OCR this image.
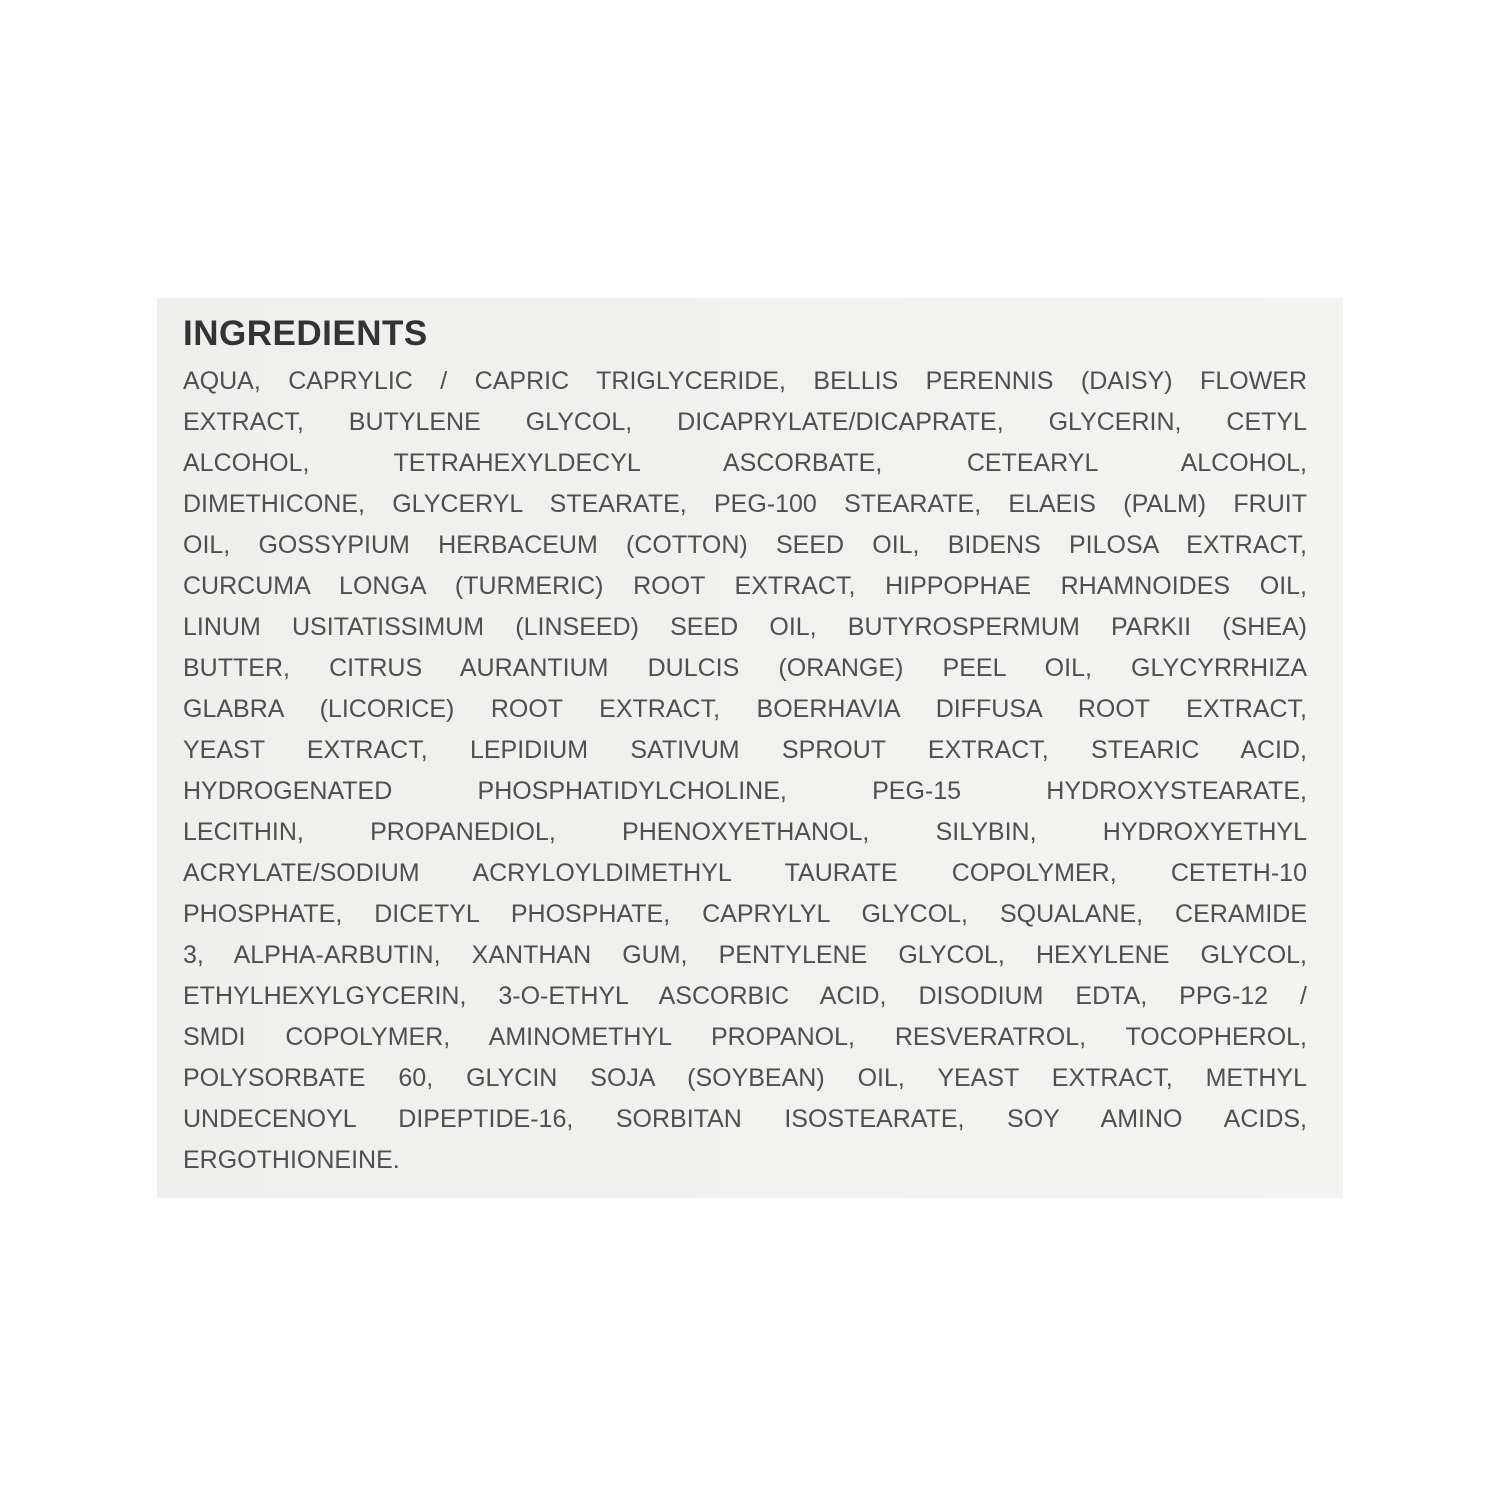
INGREDIENTS
AQUA, CAPRYLIC / CAPRIC TRIGLYCERIDE, BELLIS PERENNIS (DAISY) FLOWER
EXTRACT, BUTYLENE GLYCOL, DICAPRYLATE/DICAPRATE, GLYCERIN, CETYL
ALCOHOL, TETRAHEXYLDECYL ASCORBATE, CETEARYL ALCOHOL,
DIMETHICONE, GLYCERYL STEARATE, PEG-100 STEARATE, ELAEIS (PALM) FRUIT
OIL, GOSSYPIUM HERBACEUM (COTTON) SEED OIL, BIDENS PILOSA EXTRACT,
CURCUMA LONGA (TURMERIC) ROOT EXTRACT, HIPPOPHAE RHAMNOIDES OIL,
LINUM USITATISSIMUM (LINSEED) SEED OIL, BUTYROSPERMUM PARKII (SHEA)
BUTTER, CITRUS AURANTIUM DULCIS (ORANGE) PEEL OIL, GLYCYRRHIZA
GLABRA (LICORICE) ROOT EXTRACT, BOERHAVIA DIFFUSA ROOT EXTRACT,
YEAST EXTRACT, LEPIDIUM SATIVUM SPROUT EXTRACT, STEARIC ACID,
HYDROGENATED PHOSPHATIDYLCHOLINE, PEG-15 HYDROXYSTEARATE,
LECITHIN, PROPANEDIOL, PHENOXYETHANOL, SILYBIN, HYDROXYETHYL
ACRYLATE/SODIUM ACRYLOYLDIMETHYL TAURATE COPOLYMER, CETETH-10
PHOSPHATE, DICETYL PHOSPHATE, CAPRYLYL GLYCOL, SQUALANE, CERAMIDE
3, ALPHA-ARBUTIN, XANTHAN GUM, PENTYLENE GLYCOL, HEXYLENE GLYCOL,
ETHYLHEXYLGYCERIN, 3-O-ETHYL ASCORBIC ACID, DISODIUM EDTA, PPG-12 /
SMDI COPOLYMER, AMINOMETHYL PROPANOL, RESVERATROL, TOCOPHEROL,
POLYSORBATE 60, GLYCIN SOJA (SOYBEAN) OIL, YEAST EXTRACT, METHYL
UNDECENOYL DIPEPTIDE-16, SORBITAN ISOSTEARATE, SOY AMINO ACIDS,
ERGOTHIONEINE.
